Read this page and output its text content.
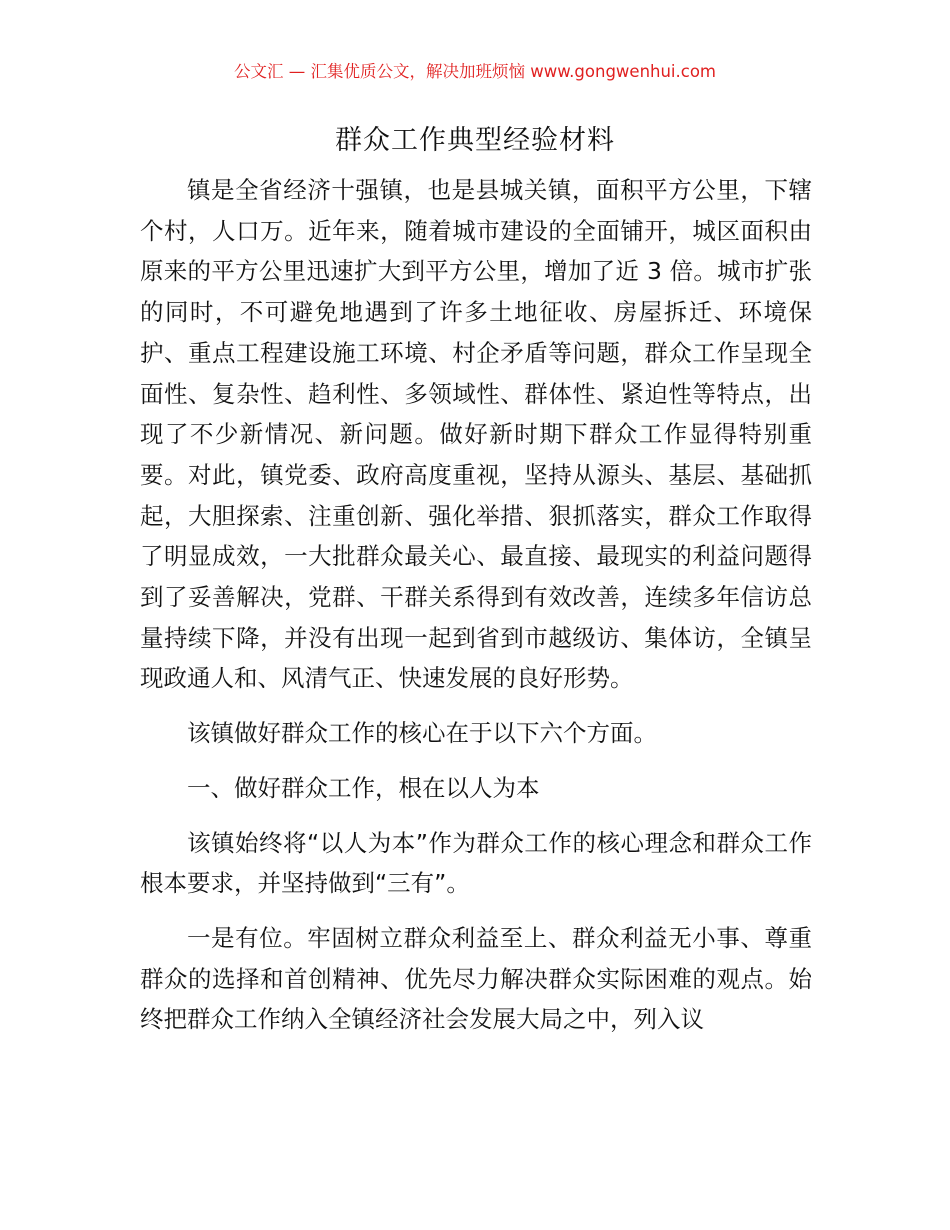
公文汇 — 汇集优质公文，解决加班烦恼 www.gongwenhui.com
群众工作典型经验材料

镇是全省经济十强镇，也是县城关镇，面积平方公里，下辖个村，人口万。近年来，随着城市建设的全面铺开，城区面积由原来的平方公里迅速扩大到平方公里，增加了近 3 倍。城市扩张的同时，不可避免地遇到了许多土地征收、房屋拆迁、环境保护、重点工程建设施工环境、村企矛盾等问题，群众工作呈现全面性、复杂性、趋利性、多领域性、群体性、紧迫性等特点，出现了不少新情况、新问题。做好新时期下群众工作显得特别重要。对此，镇党委、政府高度重视，坚持从源头、基层、基础抓起，大胆探索、注重创新、强化举措、狠抓落实，群众工作取得了明显成效，一大批群众最关心、最直接、最现实的利益问题得到了妥善解决，党群、干群关系得到有效改善，连续多年信访总量持续下降，并没有出现一起到省到市越级访、集体访，全镇呈现政通人和、风清气正、快速发展的良好形势。

该镇做好群众工作的核心在于以下六个方面。

一、做好群众工作，根在以人为本

该镇始终将“以人为本”作为群众工作的核心理念和群众工作根本要求，并坚持做到“三有”。

一是有位。牢固树立群众利益至上、群众利益无小事、尊重群众的选择和首创精神、优先尽力解决群众实际困难的观点。始终把群众工作纳入全镇经济社会发展大局之中，列入议
